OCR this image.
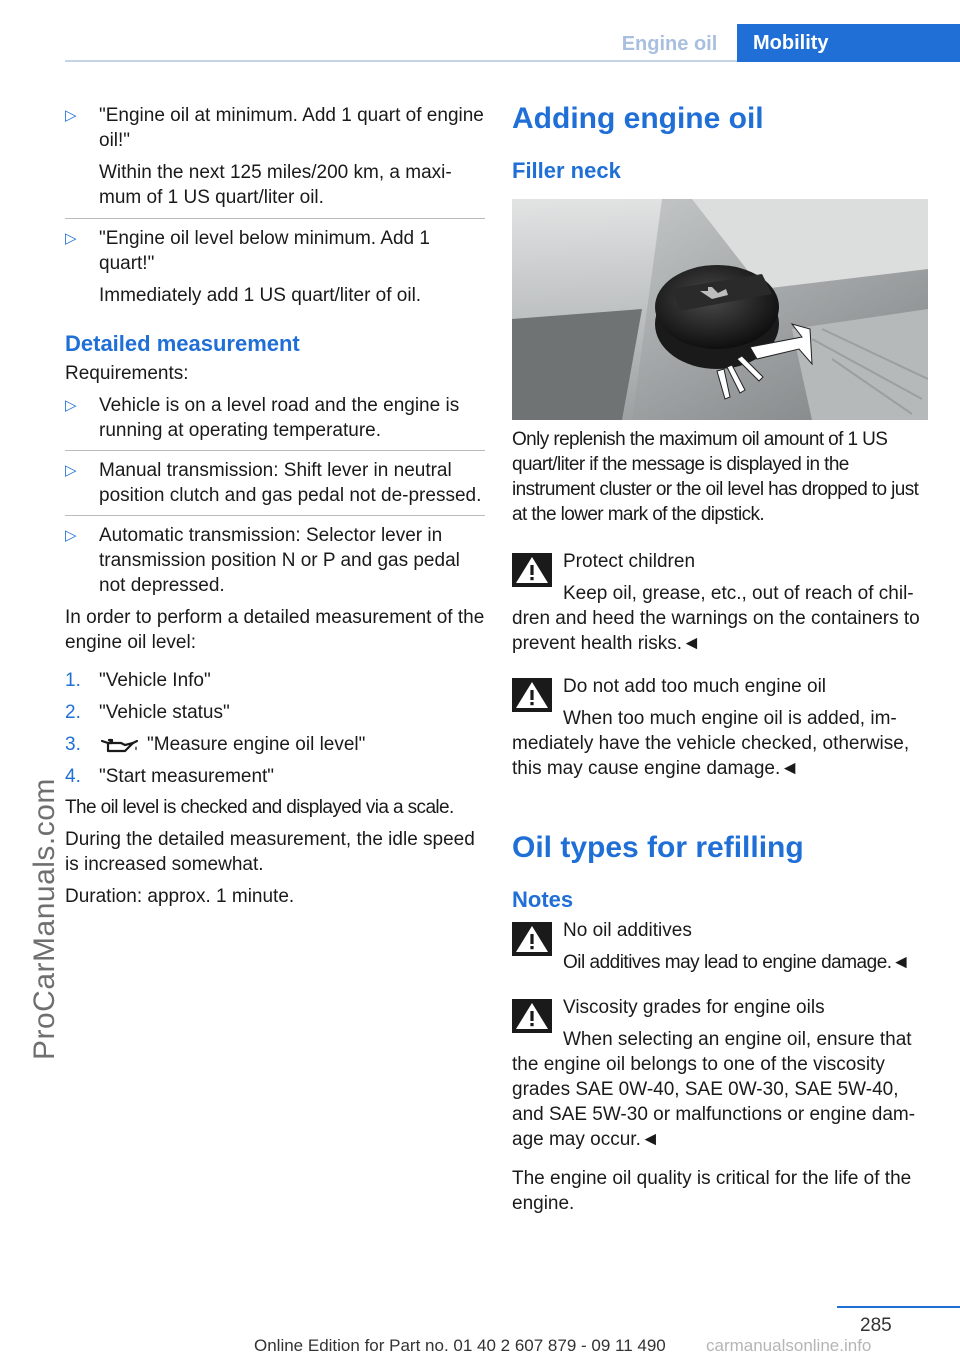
Engine oil	Mobility
ProCarManuals.com
▷	"Engine oil at minimum. Add 1 quart of engine oil!"

Within the next 125 miles/200 km, a maxi-mum of 1 US quart/liter oil.

▷	"Engine oil level below minimum. Add 1 quart!"

Immediately add 1 US quart/liter of oil.

Detailed measurement

Requirements:

▷	Vehicle is on a level road and the engine is running at operating temperature.

▷	Manual transmission: Shift lever in neutral position clutch and gas pedal not de-pressed.

▷	Automatic transmission: Selector lever in transmission position N or P and gas pedal not depressed.

In order to perform a detailed measurement of the engine oil level:

1. "Vehicle Info"
2. "Vehicle status"
3.	"Measure engine oil level"
4. "Start measurement"

The oil level is checked and displayed via a scale.

During the detailed measurement, the idle speed is increased somewhat.

Duration: approx. 1 minute.

Adding engine oil
Filler neck

Only replenish the maximum oil amount of 1 US quart/liter if the message is displayed in the instrument cluster or the oil level has dropped to just at the lower mark of the dipstick.

Protect children

Keep oil, grease, etc., out of reach of chil-

dren and heed the warnings on the containers to prevent health risks.◄

Do not add too much engine oil

When too much engine oil is added, im-

mediately have the vehicle checked, otherwise, this may cause engine damage.◄

Oil types for refilling
Notes

No oil additives

Oil additives may lead to engine damage.◄

Viscosity grades for engine oils

When selecting an engine oil, ensure that

the engine oil belongs to one of the viscosity grades SAE 0W-40, SAE 0W-30, SAE 5W-40, and SAE 5W-30 or malfunctions or engine dam-age may occur.◄

The engine oil quality is critical for the life of the engine.

285
Online Edition for Part no. 01 40 2 607 879 - 09 11 490 carmanualsonline.info
